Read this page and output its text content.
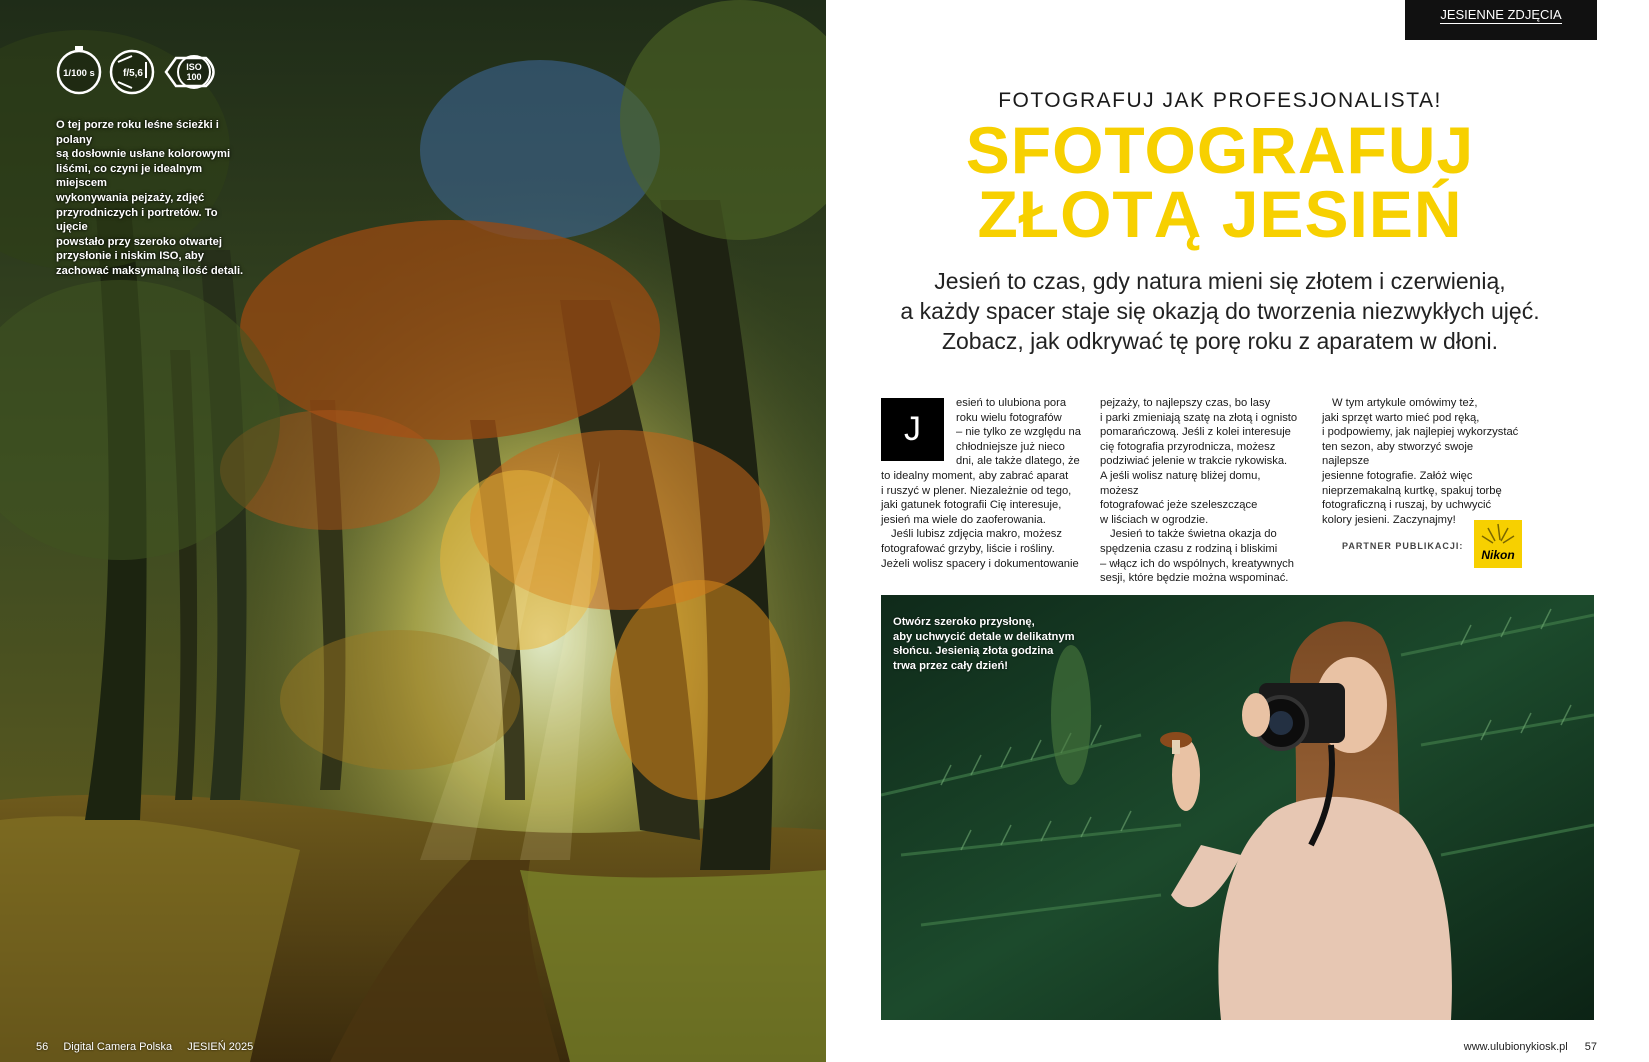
1/100 s	f/5,6
ISO
100
O tej porze roku leśne ścieżki i polany
są dosłownie usłane kolorowymi
liśćmi, co czyni je idealnym miejscem
wykonywania pejzaży, zdjęć
przyrodniczych i portretów. To ujęcie
powstało przy szeroko otwartej
przysłonie i niskim ISO, aby
zachować maksymalną ilość detali.
56 Digital Camera Polska JESIEŃ 2025
JESIENNE ZDJĘCIA
FOTOGRAFUJ JAK PROFESJONALISTA!
SFOTOGRAFUJ
ZŁOTĄ JESIEŃ
Jesień to czas, gdy natura mieni się złotem i czerwienią,
a każdy spacer staje się okazją do tworzenia niezwykłych ujęć.
Zobacz, jak odkrywać tę porę roku z aparatem w dłoni.
J

esień to ulubiona pora

roku wielu fotografów

– nie tylko ze względu na

chłodniejsze już nieco

dni, ale także dlatego, że

to idealny moment, aby zabrać aparat

i ruszyć w plener. Niezależnie od tego,

jaki gatunek fotografii Cię interesuje,

jesień ma wiele do zaoferowania.

Jeśli lubisz zdjęcia makro, możesz

fotografować grzyby, liście i rośliny.

Jeżeli wolisz spacery i dokumentowanie

pejzaży, to najlepszy czas, bo lasy

i parki zmieniają szatę na złotą i ognisto

pomarańczową. Jeśli z kolei interesuje

cię fotografia przyrodnicza, możesz

podziwiać jelenie w trakcie rykowiska.

A jeśli wolisz naturę bliżej domu, możesz

fotografować jeże szeleszczące

w liściach w ogrodzie.

Jesień to także świetna okazja do

spędzenia czasu z rodziną i bliskimi

– włącz ich do wspólnych, kreatywnych

sesji, które będzie można wspominać.

W tym artykule omówimy też,

jaki sprzęt warto mieć pod ręką,

i podpowiemy, jak najlepiej wykorzystać

ten sezon, aby stworzyć swoje najlepsze

jesienne fotografie. Załóż więc

nieprzemakalną kurtkę, spakuj torbę

fotograficzną i ruszaj, by uchwycić

kolory jesieni. Zaczynajmy!

PARTNER PUBLIKACJI:
Nikon
Otwórz szeroko przysłonę,
aby uchwycić detale w delikatnym
słońcu. Jesienią złota godzina
trwa przez cały dzień!
www.ulubionykiosk.pl 57
